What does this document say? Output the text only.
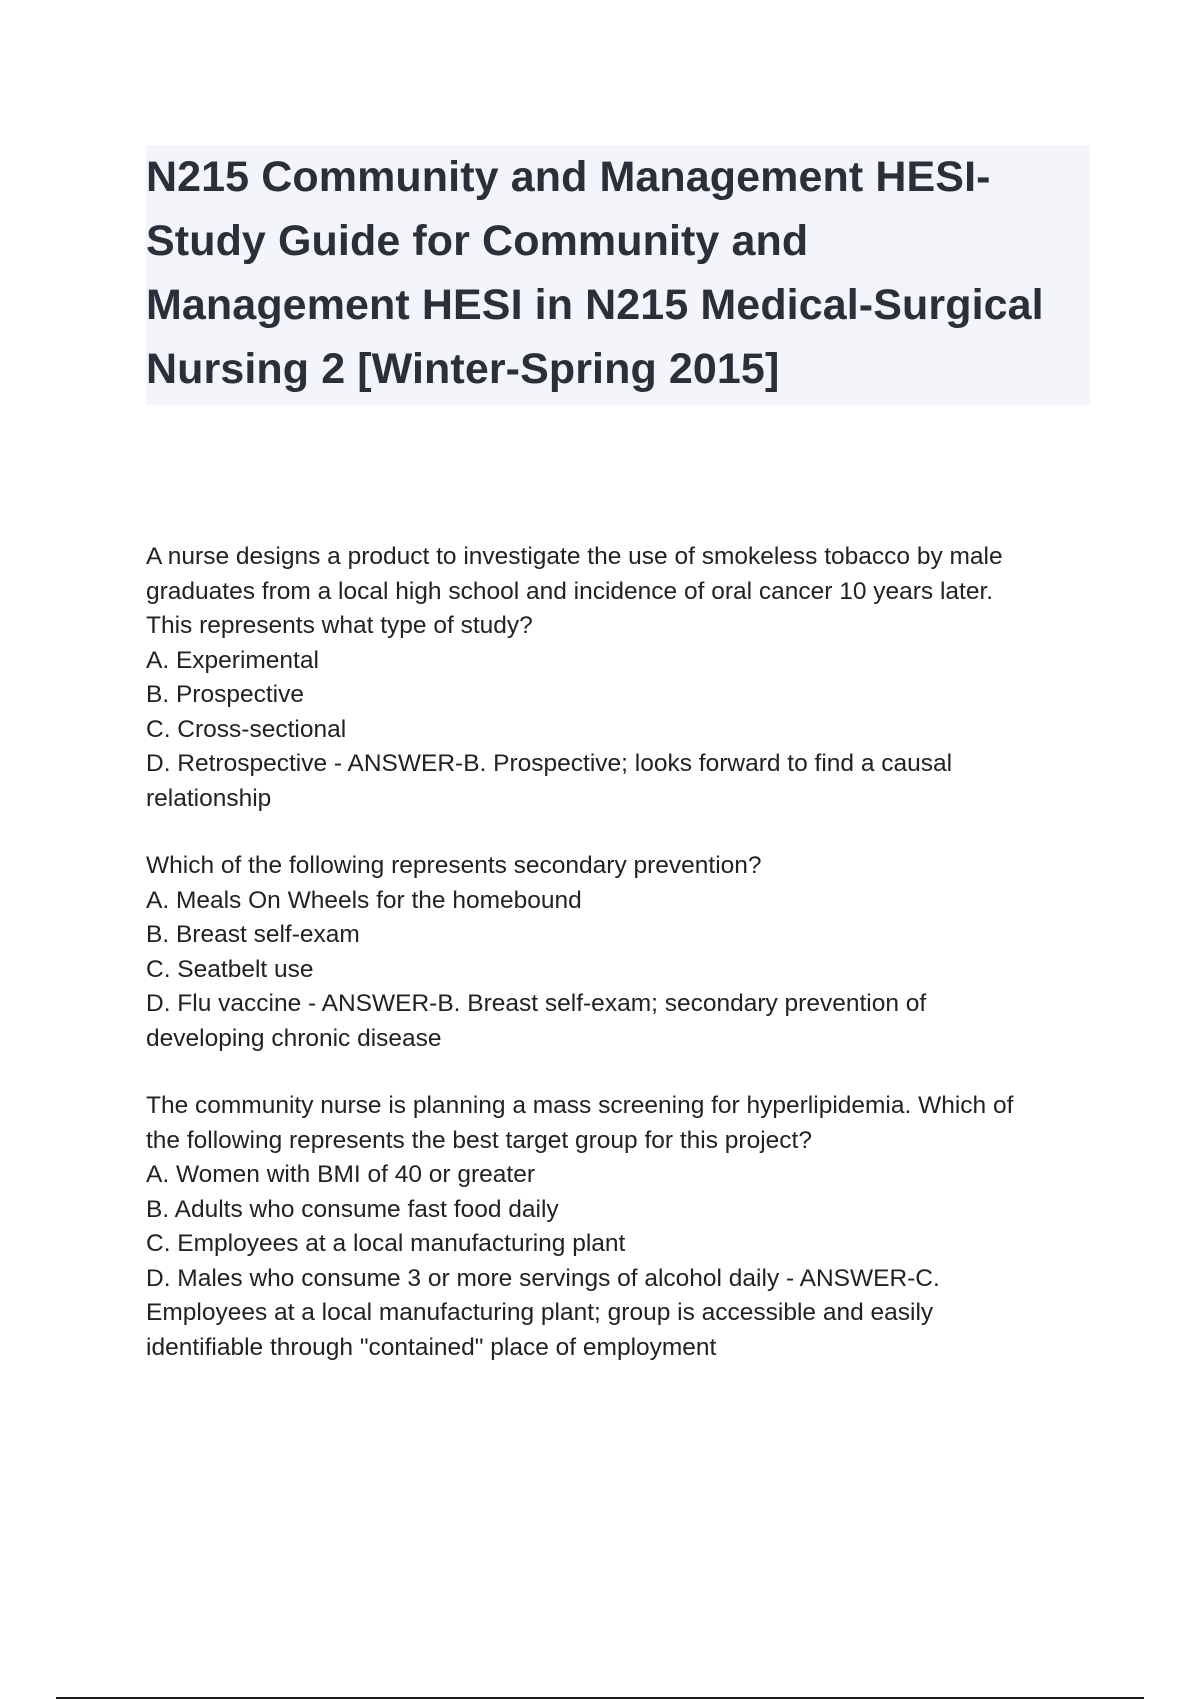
N215 Community and Management HESI-
Study Guide for Community and
Management HESI in N215 Medical-Surgical
Nursing 2 [Winter-Spring 2015]
A nurse designs a product to investigate the use of smokeless tobacco by male
graduates from a local high school and incidence of oral cancer 10 years later.
This represents what type of study?
A. Experimental
B. Prospective
C. Cross-sectional
D. Retrospective - ANSWER-B. Prospective; looks forward to find a causal
relationship
Which of the following represents secondary prevention?
A. Meals On Wheels for the homebound
B. Breast self-exam
C. Seatbelt use
D. Flu vaccine - ANSWER-B. Breast self-exam; secondary prevention of
developing chronic disease
The community nurse is planning a mass screening for hyperlipidemia. Which of
the following represents the best target group for this project?
A. Women with BMI of 40 or greater
B. Adults who consume fast food daily
C. Employees at a local manufacturing plant
D. Males who consume 3 or more servings of alcohol daily - ANSWER-C.
Employees at a local manufacturing plant; group is accessible and easily
identifiable through "contained" place of employment
